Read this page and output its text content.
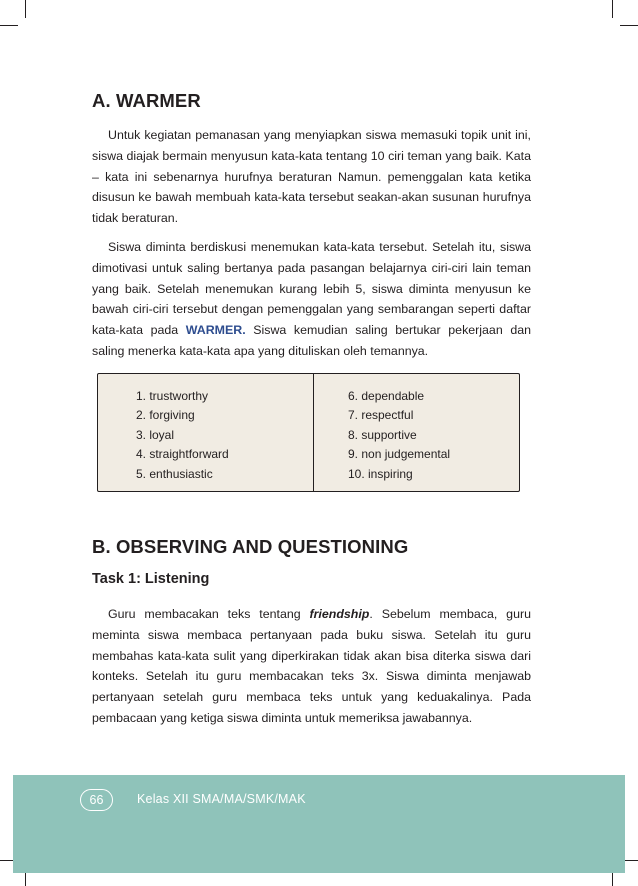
A. WARMER

Untuk kegiatan pemanasan yang menyiapkan siswa memasuki topik unit ini, siswa diajak bermain menyusun kata-kata tentang 10 ciri teman yang baik. Kata – kata ini sebenarnya hurufnya beraturan Namun. pemenggalan kata ketika disusun ke bawah membuah kata-kata tersebut seakan-akan susunan hurufnya tidak beraturan.

Siswa diminta berdiskusi menemukan kata-kata tersebut. Setelah itu, siswa dimotivasi untuk saling bertanya pada pasangan belajarnya ciri-ciri lain teman yang baik. Setelah menemukan kurang lebih 5, siswa diminta menyusun ke bawah ciri-ciri tersebut dengan pemenggalan yang sembarangan seperti daftar kata-kata pada WARMER. Siswa kemudian saling bertukar pekerjaan dan saling menerka kata-kata apa yang dituliskan oleh temannya.

1. trustworthy
2. forgiving
3. loyal
4. straightforward
5. enthusiastic
6. dependable
7. respectful
8. supportive
9. non judgemental
10. inspiring
B. OBSERVING AND QUESTIONING
Task 1: Listening

Guru membacakan teks tentang friendship. Sebelum membaca, guru meminta siswa membaca pertanyaan pada buku siswa. Setelah itu guru membahas kata-kata sulit yang diperkirakan tidak akan bisa diterka siswa dari konteks. Setelah itu guru membacakan teks 3x. Siswa diminta menjawab pertanyaan setelah guru membaca teks untuk yang keduakalinya. Pada pembacaan yang ketiga siswa diminta untuk memeriksa jawabannya.

66	Kelas XII SMA/MA/SMK/MAK
